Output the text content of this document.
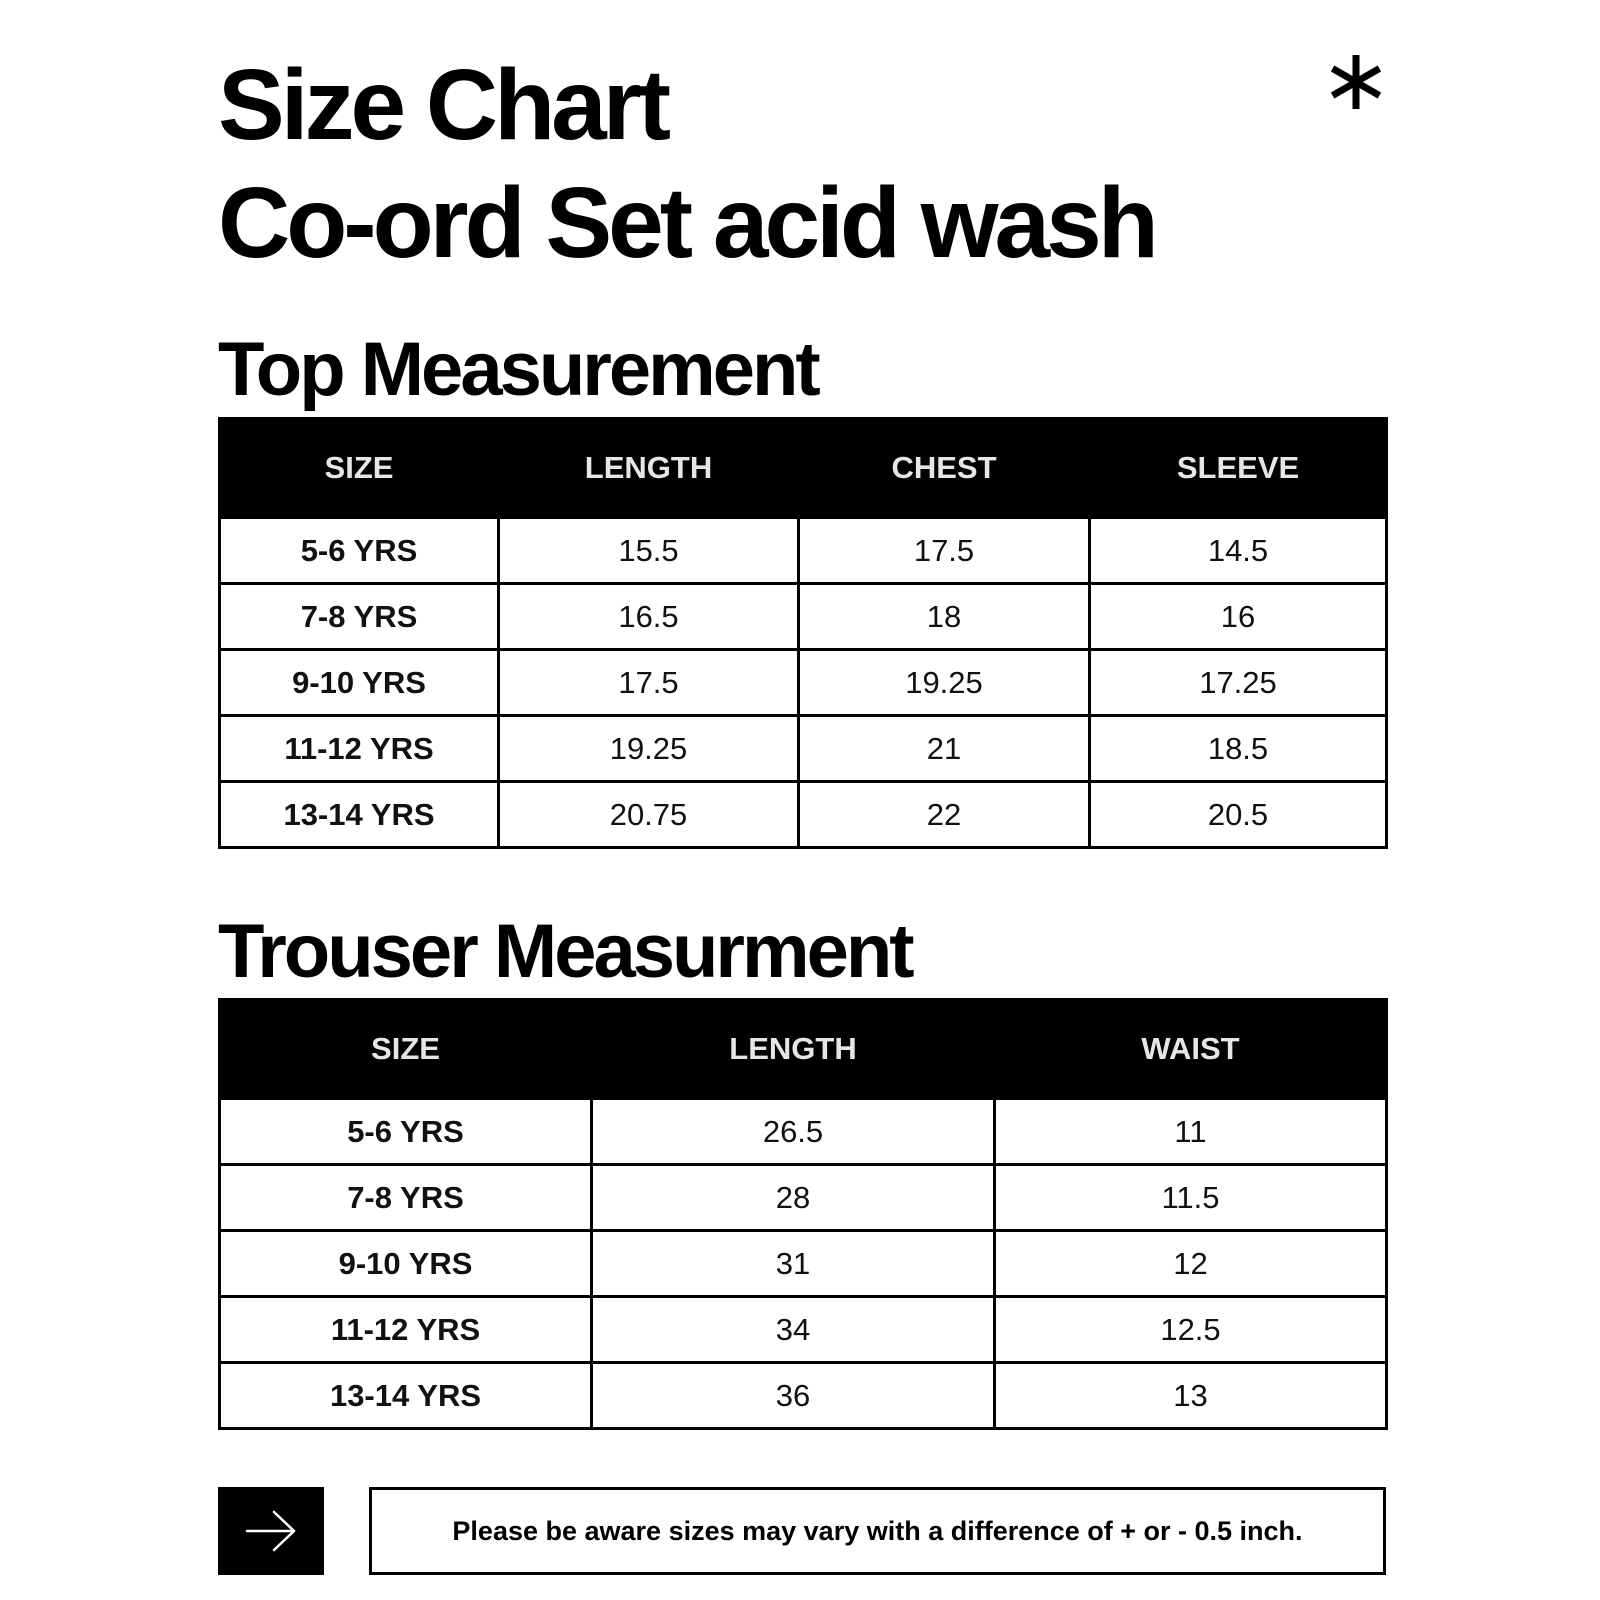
Size Chart
Co-ord Set acid wash
Top Measurement
SIZE	LENGTH	CHEST	SLEEVE
5-6 YRS	15.5	17.5	14.5
7-8 YRS	16.5	18	16
9-10 YRS	17.5	19.25	17.25
11-12 YRS	19.25	21	18.5
13-14 YRS	20.75	22	20.5
Trouser Measurment
SIZE	LENGTH	WAIST
5-6 YRS	26.5	11
7-8 YRS	28	11.5
9-10 YRS	31	12
11-12 YRS	34	12.5
13-14 YRS	36	13
Please be aware sizes may vary with a difference of + or - 0.5 inch.
